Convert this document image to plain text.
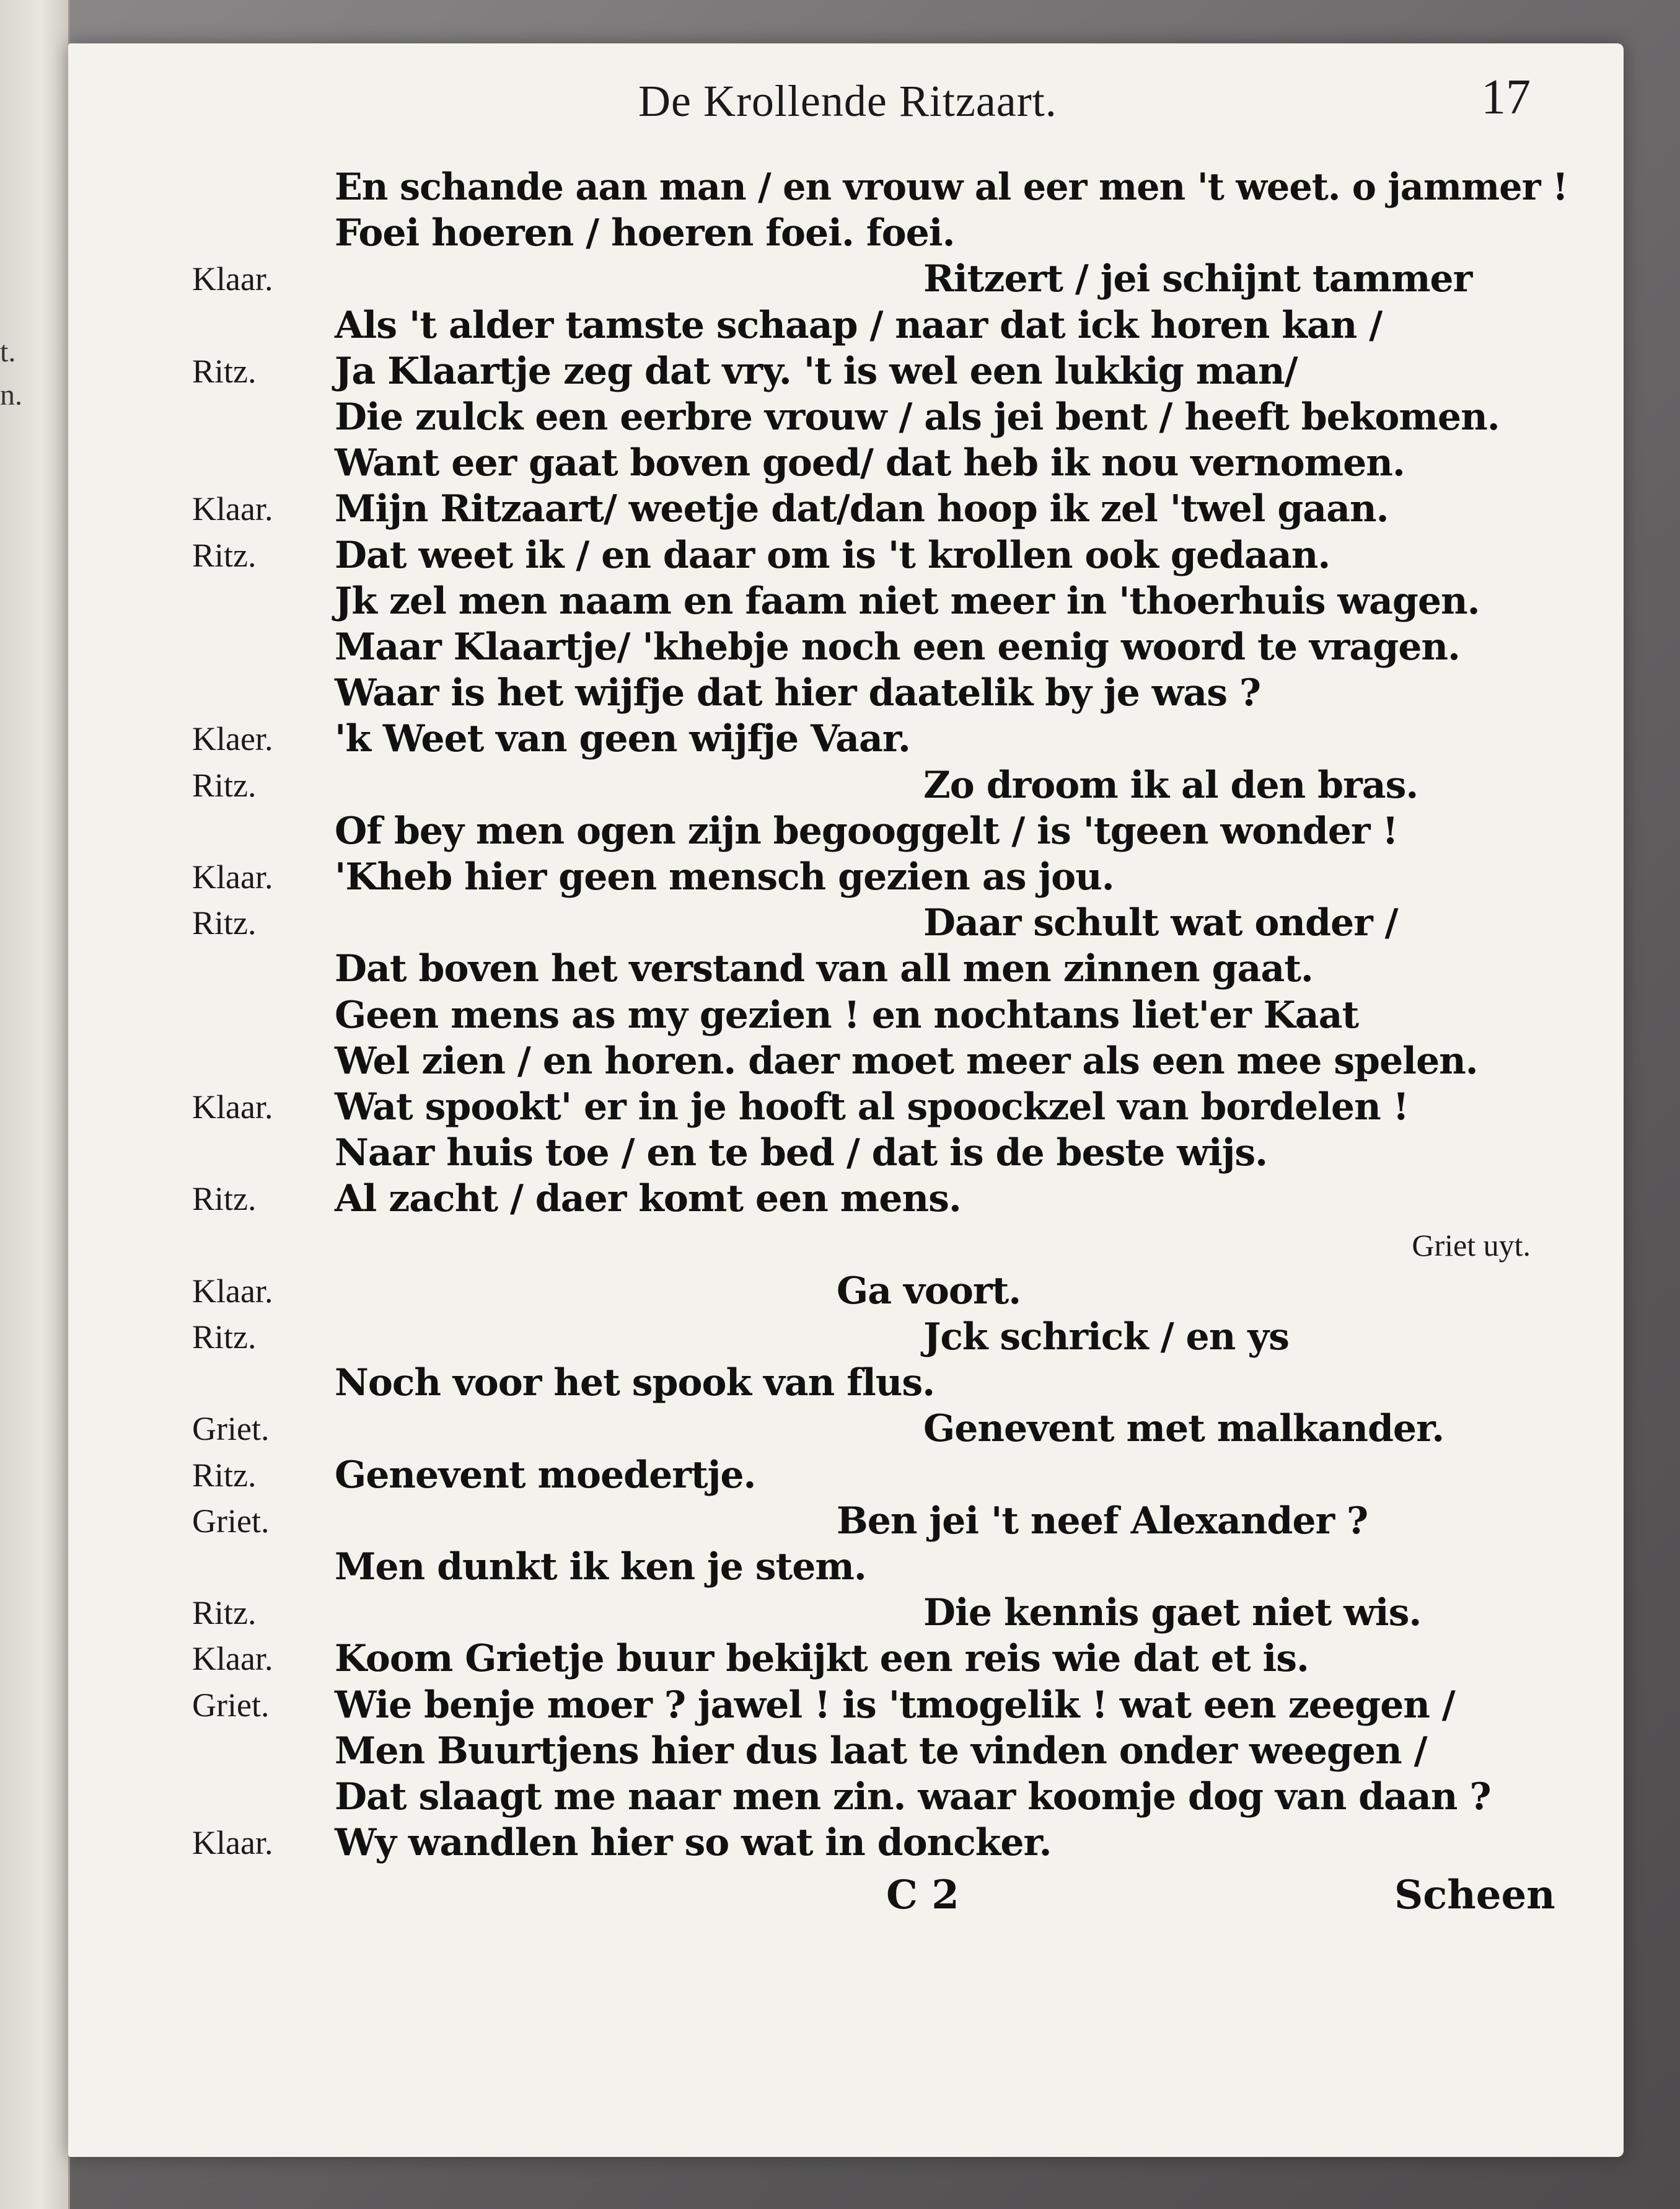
t.
n.
De Krollende Ritzaart.	17
En schande aan man / en vrouw al eer men 't weet. o jammer !
Foei hoeren / hoeren foei. foei.
Klaar.	Ritzert / jei schijnt tammer
Als 't alder tamste schaap / naar dat ick horen kan /
Ritz.	Ja Klaartje zeg dat vry. 't is wel een lukkig man/
Die zulck een eerbre vrouw / als jei bent / heeft bekomen.
Want eer gaat boven goed/ dat heb ik nou vernomen.
Klaar.	Mijn Ritzaart/ weetje dat/dan hoop ik zel 'twel gaan.
Ritz.	Dat weet ik / en daar om is 't krollen ook gedaan.
Jk zel men naam en faam niet meer in 'thoerhuis wagen.
Maar Klaartje/ 'khebje noch een eenig woord te vragen.
Waar is het wijfje dat hier daatelik by je was ?
Klaer.	'k Weet van geen wijfje Vaar.
Ritz.	Zo droom ik al den bras.
Of bey men ogen zijn begooggelt / is 'tgeen wonder !
Klaar.	'Kheb hier geen mensch gezien as jou.
Ritz.	Daar schult wat onder /
Dat boven het verstand van all men zinnen gaat.
Geen mens as my gezien ! en nochtans liet'er Kaat
Wel zien / en horen. daer moet meer als een mee spelen.
Klaar.	Wat spookt' er in je hooft al spoockzel van bordelen !
Naar huis toe / en te bed / dat is de beste wijs.
Ritz.	Al zacht / daer komt een mens.
Griet uyt.
Klaar.	Ga voort.
Ritz.	Jck schrick / en ys
Noch voor het spook van flus.
Griet.	Genevent met malkander.
Ritz.	Genevent moedertje.
Griet.	Ben jei 't neef Alexander ?
Men dunkt ik ken je stem.
Ritz.	Die kennis gaet niet wis.
Klaar.	Koom Grietje buur bekijkt een reis wie dat et is.
Griet.	Wie benje moer ? jawel ! is 'tmogelik ! wat een zeegen /
Men Buurtjens hier dus laat te vinden onder weegen /
Dat slaagt me naar men zin. waar koomje dog van daan ?
Klaar.	Wy wandlen hier so wat in doncker.
C 2	Scheen
